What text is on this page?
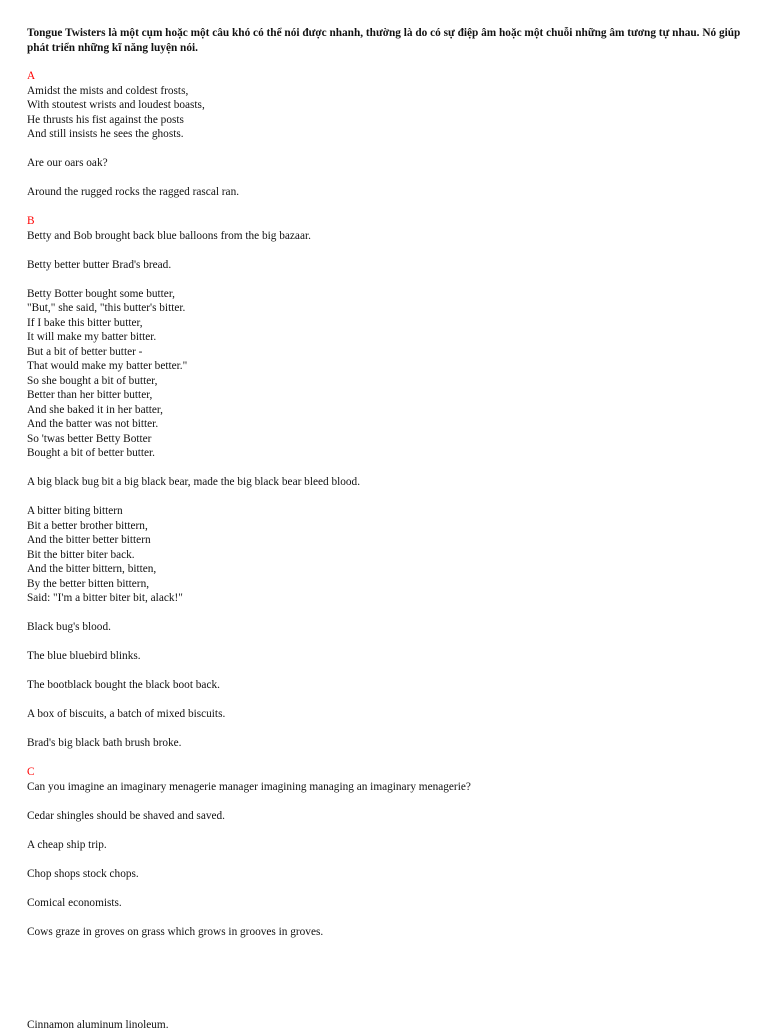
Tongue Twisters là một cụm hoặc một câu khó có thể nói được nhanh, thường là do có sự điệp âm hoặc một chuỗi những âm tương tự nhau. Nó giúp phát triển những kĩ năng luyện nói.

A

Amidst the mists and coldest frosts,
With stoutest wrists and loudest boasts,
He thrusts his fist against the posts
And still insists he sees the ghosts.

Are our oars oak?

Around the rugged rocks the ragged rascal ran.

B

Betty and Bob brought back blue balloons from the big bazaar.

Betty better butter Brad's bread.

Betty Botter bought some butter,
"But," she said, "this butter's bitter.
If I bake this bitter butter,
It will make my batter bitter.
But a bit of better butter -
That would make my batter better."
So she bought a bit of butter,
Better than her bitter butter,
And she baked it in her batter,
And the batter was not bitter.
So 'twas better Betty Botter
Bought a bit of better butter.

A big black bug bit a big black bear, made the big black bear bleed blood.

A bitter biting bittern
Bit a better brother bittern,
And the bitter better bittern
Bit the bitter biter back.
And the bitter bittern, bitten,
By the better bitten bittern,
Said: "I'm a bitter biter bit, alack!"

Black bug's blood.

The blue bluebird blinks.

The bootblack bought the black boot back.

A box of biscuits, a batch of mixed biscuits.

Brad's big black bath brush broke.

C

Can you imagine an imaginary menagerie manager imagining managing an imaginary menagerie?

Cedar shingles should be shaved and saved.

A cheap ship trip.

Chop shops stock chops.

Comical economists.

Cows graze in groves on grass which grows in grooves in groves.

Cinnamon aluminum linoleum.
